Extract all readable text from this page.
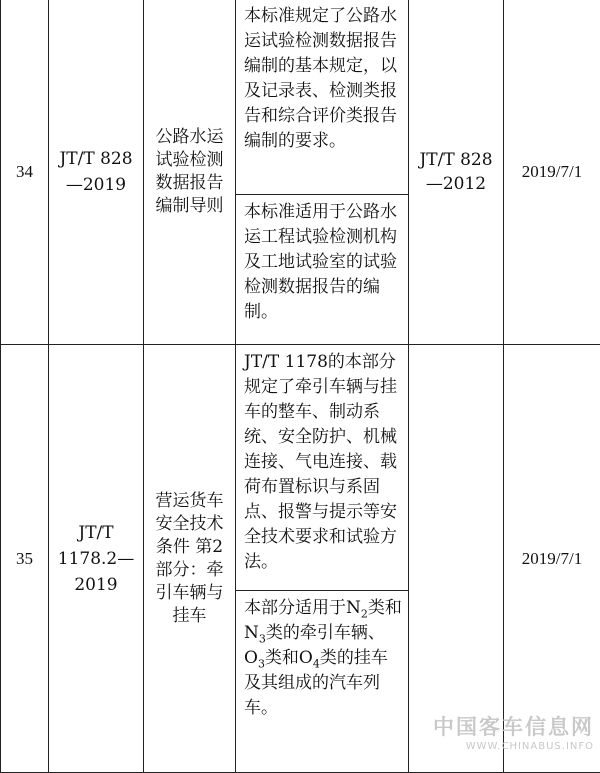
34	JT/T 828—2019	公路水运试验检测数据报告编制导则	本标准规定了公路水运试验检测数据报告编制的基本规定，以及记录表、检测类报告和综合评价类报告编制的要求。	JT/T 828—2012	2019/7/1
			本标准适用于公路水运工程试验检测机构及工地试验室的试验检测数据报告的编制。		
35	JT/T 1178.2—2019	营运货车安全技术条件 第2部分：牵引车辆与挂车	JT/T 1178的本部分规定了牵引车辆与挂车的整车、制动系统、安全防护、机械连接、气电连接、载荷布置标识与系固点、报警与提示等安全技术要求和试验方法。		2019/7/1
			本部分适用于$N_2$类和$N_3$类的牵引车辆、$O_3$类和$O_4$类的挂车及其组成的汽车列车。		
中国客车信息网
WWW.CHINABUS.INFO
